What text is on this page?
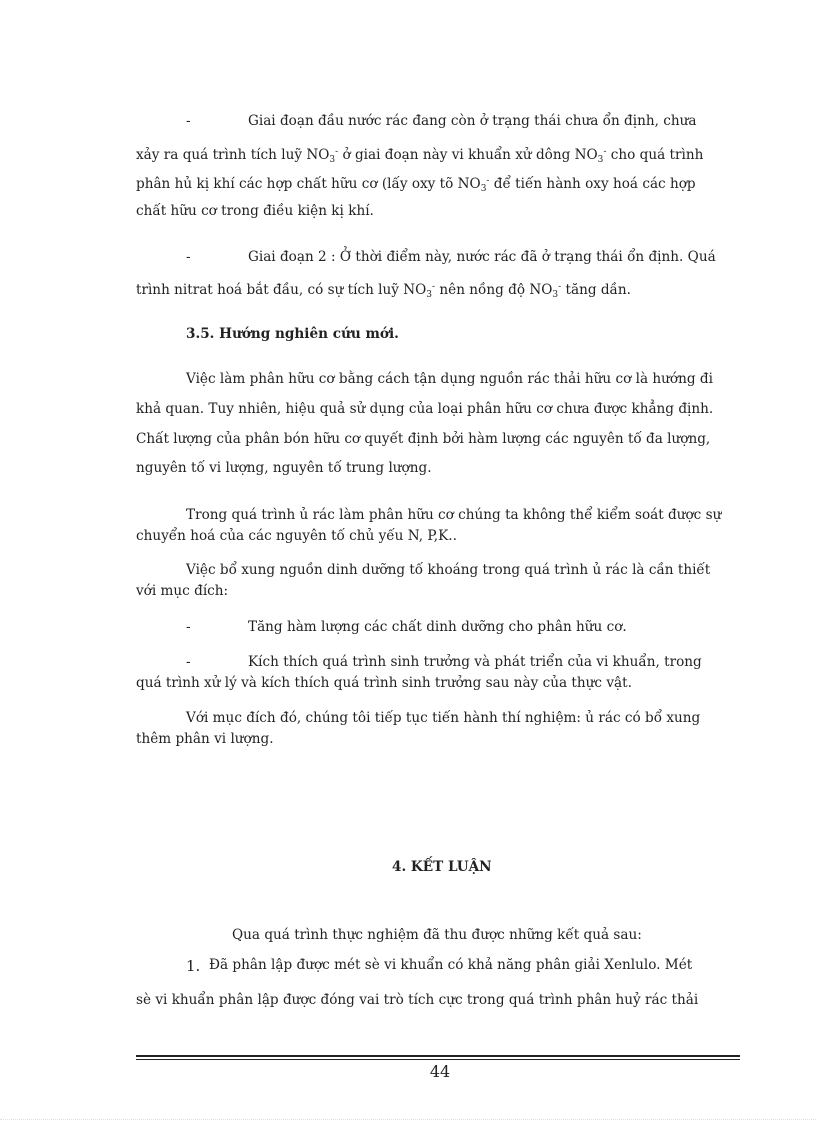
-	Giai đoạn đầu nước rác đang còn ở trạng thái chưa ổn định, chưa
xảy ra quá trình tích luỹ $NO_3^-$ ở giai đoạn này vi khuẩn xử dông $NO_3^-$ cho quá trình
phân hủ kị khí các hợp chất hữu cơ (lấy oxy tõ $NO_3^-$ để tiến hành oxy hoá các hợp
chất hữu cơ trong điều kiện kị khí.
-	Giai đoạn 2 : Ở thời điểm này, nước rác đã ở trạng thái ổn định. Quá
trình nitrat hoá bắt đầu, có sự tích luỹ $NO_3^-$ nên nồng độ $NO_3^-$ tăng dần.
3.5. Hướng nghiên cứu mới.
Việc làm phân hữu cơ bằng cách tận dụng nguồn rác thải hữu cơ là hướng đi
khả quan. Tuy nhiên, hiệu quả sử dụng của loại phân hữu cơ chưa được khẳng định.
Chất lượng của phân bón hữu cơ quyết định bởi hàm lượng các nguyên tố đa lượng,
nguyên tố vi lượng, nguyên tố trung lượng.
Trong quá trình ủ rác làm phân hữu cơ chúng ta không thể kiểm soát được sự
chuyển hoá của các nguyên tố chủ yếu N, P,K..
Việc bổ xung nguồn dinh dưỡng tố khoáng trong quá trình ủ rác là cần thiết
với mục đích:
-	Tăng hàm lượng các chất dinh dưỡng cho phân hữu cơ.
-	Kích thích quá trình sinh trưởng và phát triển của vi khuẩn, trong
quá trình xử lý và kích thích quá trình sinh trưởng sau này của thực vật.
Với mục đích đó, chúng tôi tiếp tục tiến hành thí nghiệm: ủ rác có bổ xung
thêm phân vi lượng.
4. KẾT LUẬN
Qua quá trình thực nghiệm đã thu được những kết quả sau:
1. Đã phân lập được mét sè vi khuẩn có khả năng phân giải Xenlulo. Mét
sè vi khuẩn phân lập được đóng vai trò tích cực trong quá trình phân huỷ rác thải
44
